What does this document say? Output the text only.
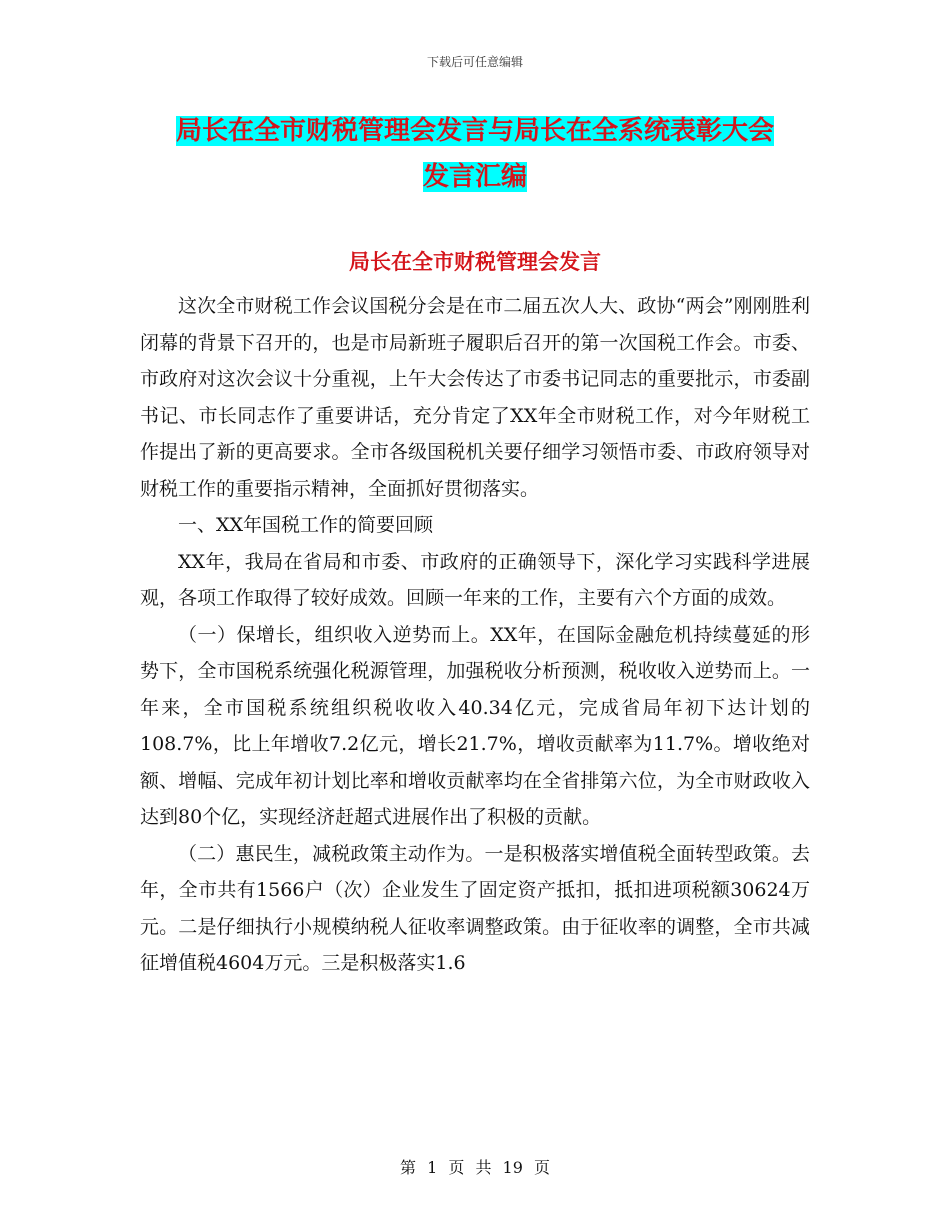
下载后可任意编辑
局长在全市财税管理会发言与局长在全系统表彰大会
发言汇编
局长在全市财税管理会发言

这次全市财税工作会议国税分会是在市二届五次人大、政协“两会”刚刚胜利闭幕的背景下召开的，也是市局新班子履职后召开的第一次国税工作会。市委、市政府对这次会议十分重视，上午大会传达了市委书记同志的重要批示，市委副书记、市长同志作了重要讲话，充分肯定了XX年全市财税工作，对今年财税工作提出了新的更高要求。全市各级国税机关要仔细学习领悟市委、市政府领导对财税工作的重要指示精神，全面抓好贯彻落实。

一、XX年国税工作的简要回顾

XX年，我局在省局和市委、市政府的正确领导下，深化学习实践科学进展观，各项工作取得了较好成效。回顾一年来的工作，主要有六个方面的成效。

（一）保增长，组织收入逆势而上。XX年，在国际金融危机持续蔓延的形势下，全市国税系统强化税源管理，加强税收分析预测，税收收入逆势而上。一年来，全市国税系统组织税收收入40.34亿元，完成省局年初下达计划的108.7%，比上年增收7.2亿元，增长21.7%，增收贡献率为11.7%。增收绝对额、增幅、完成年初计划比率和增收贡献率均在全省排第六位，为全市财政收入达到80个亿，实现经济赶超式进展作出了积极的贡献。

（二）惠民生，减税政策主动作为。一是积极落实增值税全面转型政策。去年，全市共有1566户（次）企业发生了固定资产抵扣，抵扣进项税额30624万元。二是仔细执行小规模纳税人征收率调整政策。由于征收率的调整，全市共减征增值税4604万元。三是积极落实1.6

第 1 页 共 19 页
